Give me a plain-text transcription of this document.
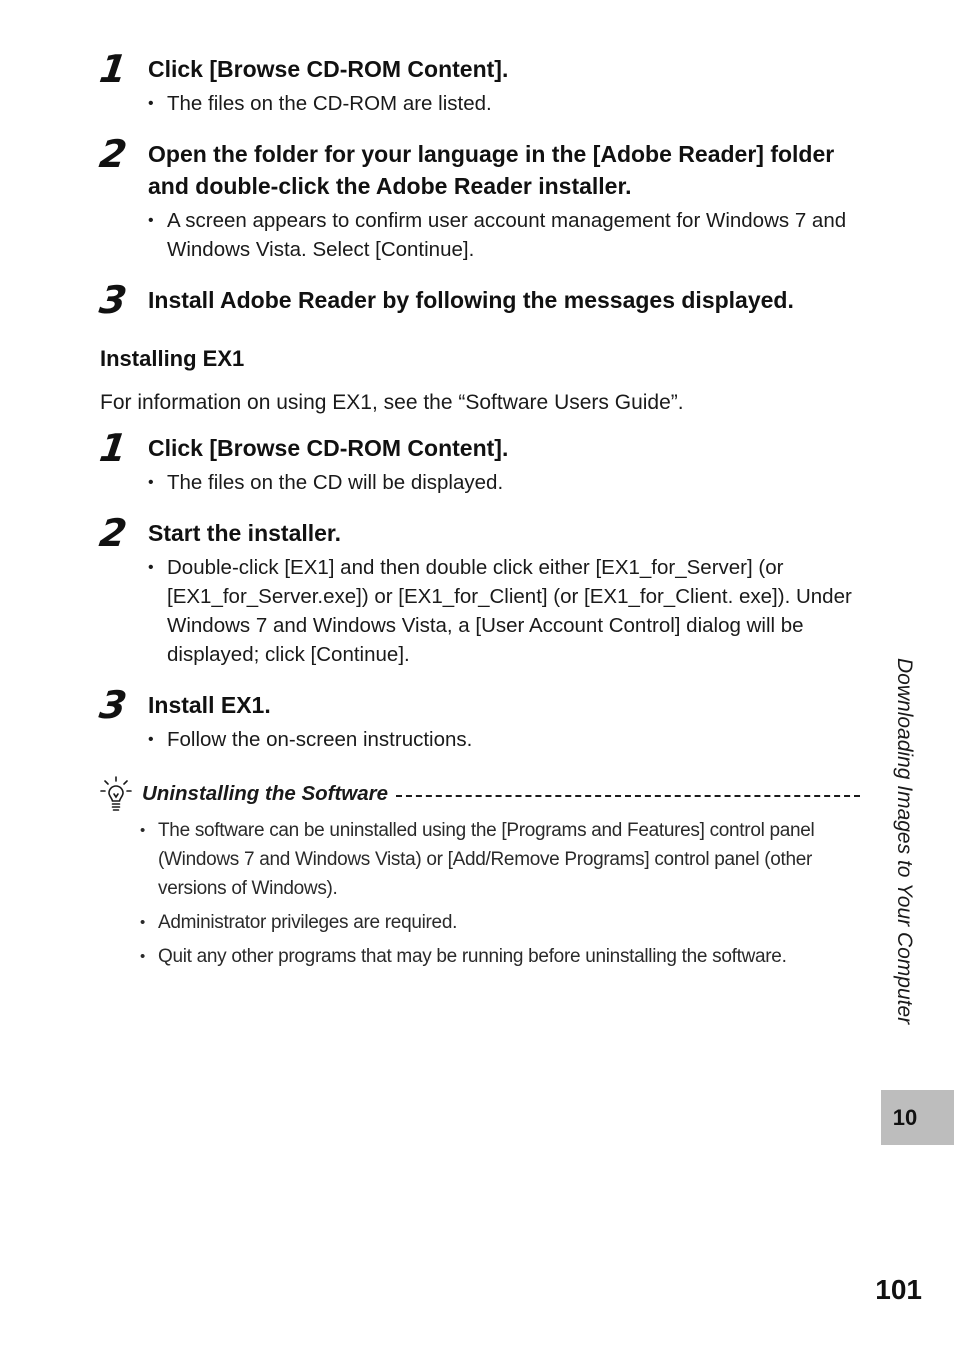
1 Click [Browse CD-ROM Content].
• The files on the CD-ROM are listed.
2 Open the folder for your language in the [Adobe Reader] folder and double-click the Adobe Reader installer.
• A screen appears to confirm user account management for Windows 7 and Windows Vista. Select [Continue].
3 Install Adobe Reader by following the messages displayed.
Installing EX1
For information on using EX1, see the “Software Users Guide”.
1 Click [Browse CD-ROM Content].
• The files on the CD will be displayed.
2 Start the installer.
• Double-click [EX1] and then double click either [EX1_for_Server] (or [EX1_for_Server.exe]) or [EX1_for_Client] (or [EX1_for_Client. exe]). Under Windows 7 and Windows Vista, a [User Account Control] dialog will be displayed; click [Continue].
3 Install EX1.
• Follow the on-screen instructions.
Uninstalling the Software
• The software can be uninstalled using the [Programs and Features] control panel (Windows 7 and Windows Vista) or [Add/Remove Programs] control panel (other versions of Windows).
• Administrator privileges are required.
• Quit any other programs that may be running before uninstalling the software.	Downloading Images to Your Computer
10
101
